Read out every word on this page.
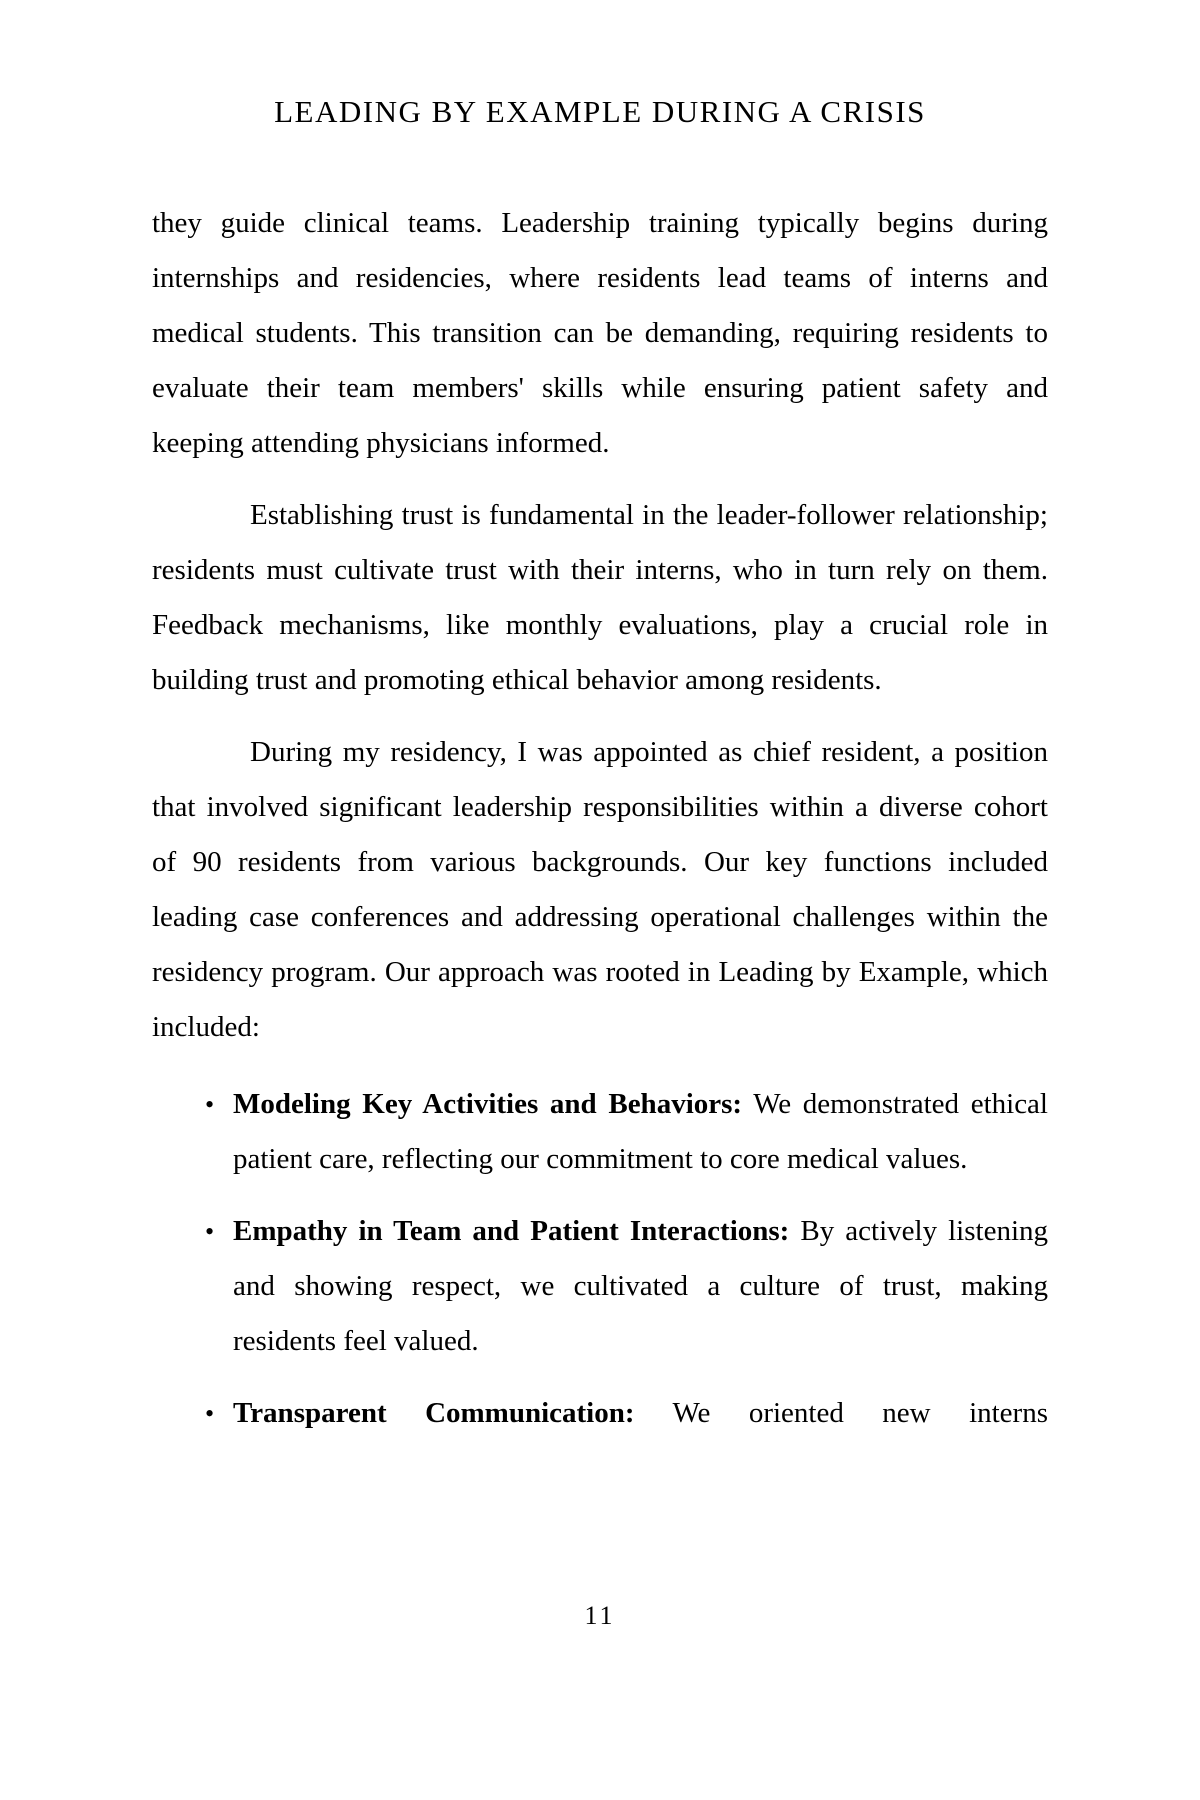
LEADING BY EXAMPLE DURING A CRISIS

they guide clinical teams. Leadership training typically begins during internships and residencies, where residents lead teams of interns and medical students. This transition can be demanding, requiring residents to evaluate their team members' skills while ensuring patient safety and keeping attending physicians informed.

Establishing trust is fundamental in the leader-follower relationship; residents must cultivate trust with their interns, who in turn rely on them. Feedback mechanisms, like monthly evaluations, play a crucial role in building trust and promoting ethical behavior among residents.

During my residency, I was appointed as chief resident, a position that involved significant leadership responsibilities within a diverse cohort of 90 residents from various backgrounds. Our key functions included leading case conferences and addressing operational challenges within the residency program. Our approach was rooted in Leading by Example, which included:

• Modeling Key Activities and Behaviors: We demonstrated ethical patient care, reflecting our commitment to core medical values.
• Empathy in Team and Patient Interactions: By actively listening and showing respect, we cultivated a culture of trust, making residents feel valued.
• Transparent Communication: We oriented new interns
11
